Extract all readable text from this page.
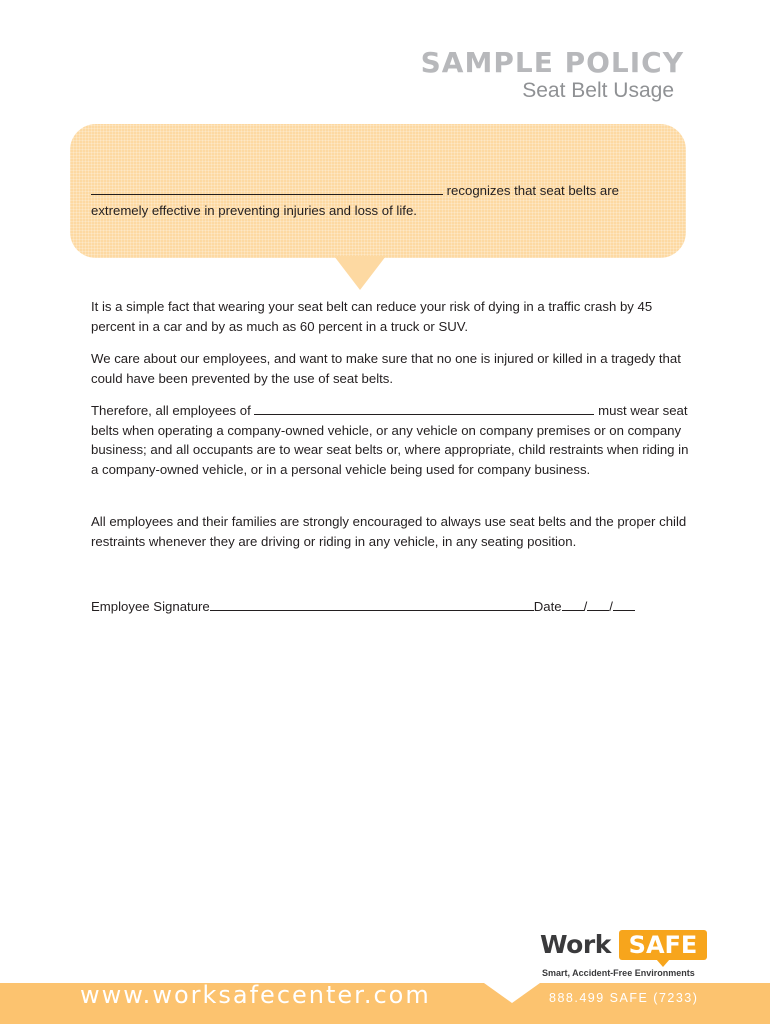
SAMPLE POLICY
Seat Belt Usage
recognizes that seat belts are
extremely effective in preventing injuries and loss of life.

It is a simple fact that wearing your seat belt can reduce your risk of dying in a traffic crash by 45 percent in a car and by as much as 60 percent in a truck or SUV.

We care about our employees, and want to make sure that no one is injured or killed in a tragedy that could have been prevented by the use of seat belts.

Therefore, all employees of	must wear seat belts when operating a company-owned vehicle, or any vehicle on company premises or on company business; and all occupants are to wear seat belts or, where appropriate, child restraints when riding in a company-owned vehicle, or in a personal vehicle being used for company business.

All employees and their families are strongly encouraged to always use seat belts and the proper child restraints whenever they are driving or riding in any vehicle, in any seating position.

Employee Signature	Date / /
Work SAFE
Smart, Accident-Free Environments
www.worksafecenter.com	888.499 SAFE (7233)
